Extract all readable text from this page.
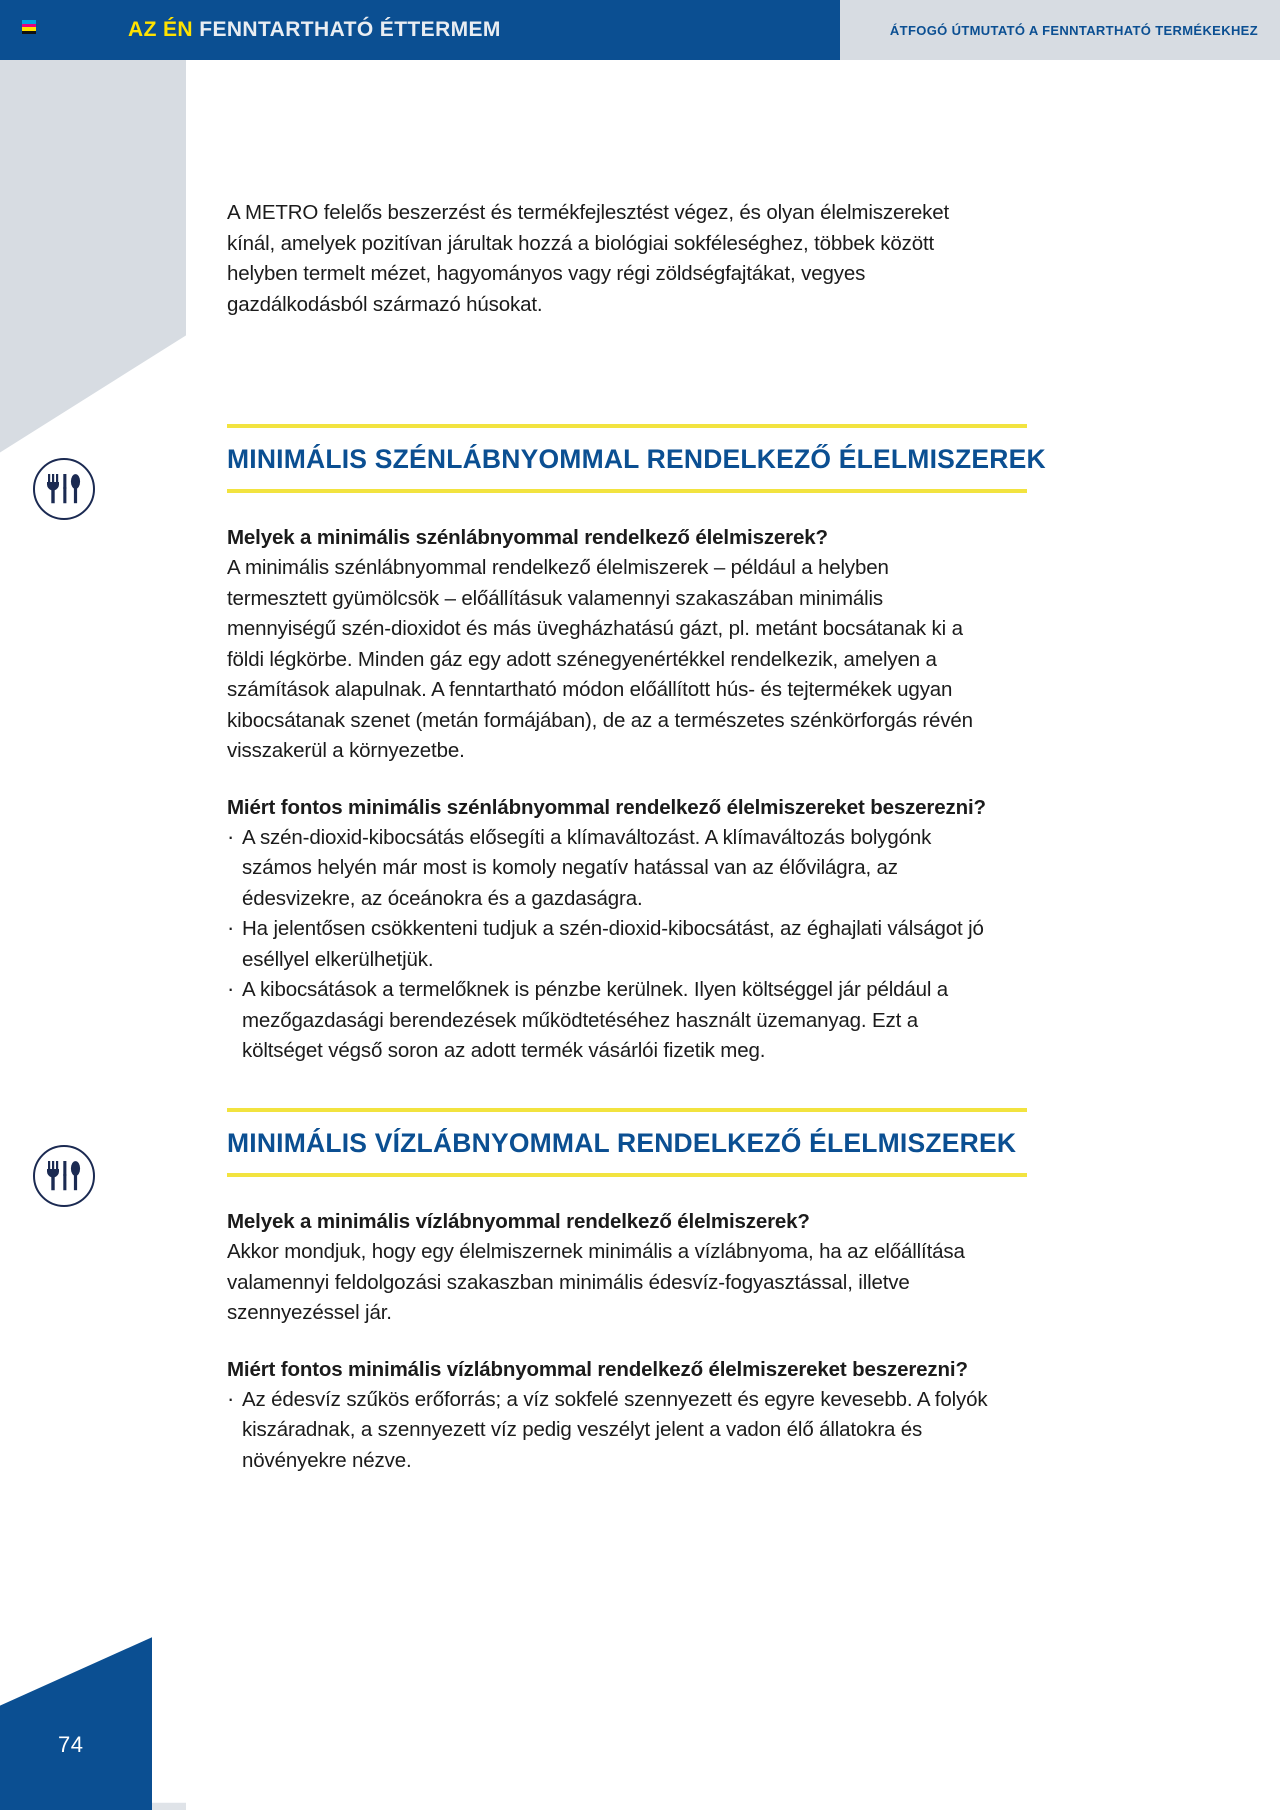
74
AZ ÉN FENNTARTHATÓ ÉTTERMEM	ÁTFOGÓ ÚTMUTATÓ A FENNTARTHATÓ TERMÉKEKHEZ

A METRO felelős beszerzést és termékfejlesztést végez, és olyan élelmiszereket kínál, amelyek pozitívan járultak hozzá a biológiai sokféleséghez, többek között helyben termelt mézet, hagyományos vagy régi zöldségfajtákat, vegyes gazdálkodásból származó húsokat.

MINIMÁLIS SZÉNLÁBNYOMMAL RENDELKEZŐ ÉLELMISZEREK
Melyek a minimális szénlábnyommal rendelkező élelmiszerek?

A minimális szénlábnyommal rendelkező élelmiszerek – például a helyben termesztett gyümölcsök – előállításuk valamennyi szakaszában minimális mennyiségű szén-dioxidot és más üvegházhatású gázt, pl. metánt bocsátanak ki a földi légkörbe. Minden gáz egy adott szénegyenértékkel rendelkezik, amelyen a számítások alapulnak. A fenntartható módon előállított hús- és tejtermékek ugyan kibocsátanak szenet (metán formájában), de az a természetes szénkörforgás révén visszakerül a környezetbe.

Miért fontos minimális szénlábnyommal rendelkező élelmiszereket beszerezni?
· A szén-dioxid-kibocsátás elősegíti a klímaváltozást. A klímaváltozás bolygónk számos helyén már most is komoly negatív hatással van az élővilágra, az édesvizekre, az óceánokra és a gazdaságra.
· Ha jelentősen csökkenteni tudjuk a szén-dioxid-kibocsátást, az éghajlati válságot jó eséllyel elkerülhetjük.
· A kibocsátások a termelőknek is pénzbe kerülnek. Ilyen költséggel jár például a mezőgazdasági berendezések működtetéséhez használt üzemanyag. Ezt a költséget végső soron az adott termék vásárlói fizetik meg.
MINIMÁLIS VÍZLÁBNYOMMAL RENDELKEZŐ ÉLELMISZEREK
Melyek a minimális vízlábnyommal rendelkező élelmiszerek?

Akkor mondjuk, hogy egy élelmiszernek minimális a vízlábnyoma, ha az előállítása valamennyi feldolgozási szakaszban minimális édesvíz-fogyasztással, illetve szennyezéssel jár.

Miért fontos minimális vízlábnyommal rendelkező élelmiszereket beszerezni?
· Az édesvíz szűkös erőforrás; a víz sokfelé szennyezett és egyre kevesebb. A folyók kiszáradnak, a szennyezett víz pedig veszélyt jelent a vadon élő állatokra és növényekre nézve.
